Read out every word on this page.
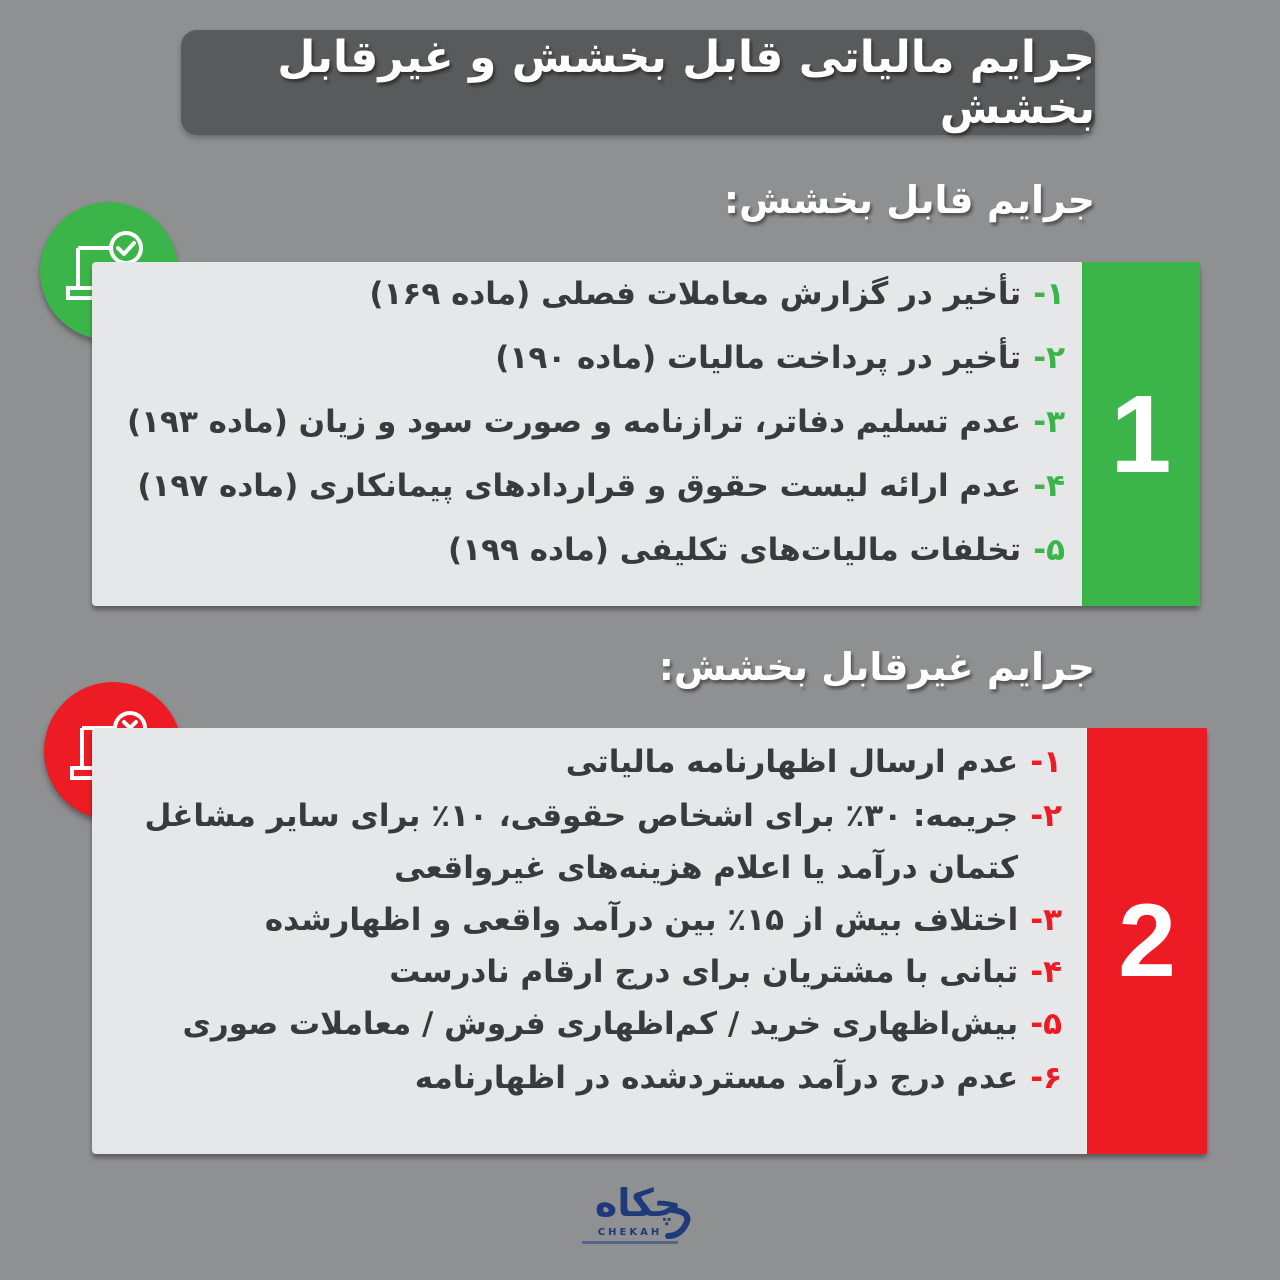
جرایم مالیاتی قابل بخشش و غیرقابل بخشش
جرایم قابل بخشش:
1
۱-
تأخیر در گزارش معاملات فصلی (ماده ۱۶۹)
۲-
تأخیر در پرداخت مالیات (ماده ۱۹۰)
۳-
عدم تسلیم دفاتر، ترازنامه و صورت سود و زیان (ماده ۱۹۳)
۴-
عدم ارائه لیست حقوق و قراردادهای پیمانکاری (ماده ۱۹۷)
۵-
تخلفات مالیات‌های تکلیفی (ماده ۱۹۹)
جرایم غیرقابل بخشش:
2
۱-
عدم ارسال اظهارنامه مالیاتی
۲-
جریمه: ۳۰٪ برای اشخاص حقوقی، ۱۰٪ برای سایر مشاغل
کتمان درآمد یا اعلام هزینه‌های غیرواقعی
۳-
اختلاف بیش از ۱۵٪ بین درآمد واقعی و اظهارشده
۴-
تبانی با مشتریان برای درج ارقام نادرست
۵-
بیش‌اظهاری خرید / کم‌اظهاری فروش / معاملات صوری
۶-
عدم درج درآمد مستردشده در اظهارنامه
چکاه
CHEKAH
